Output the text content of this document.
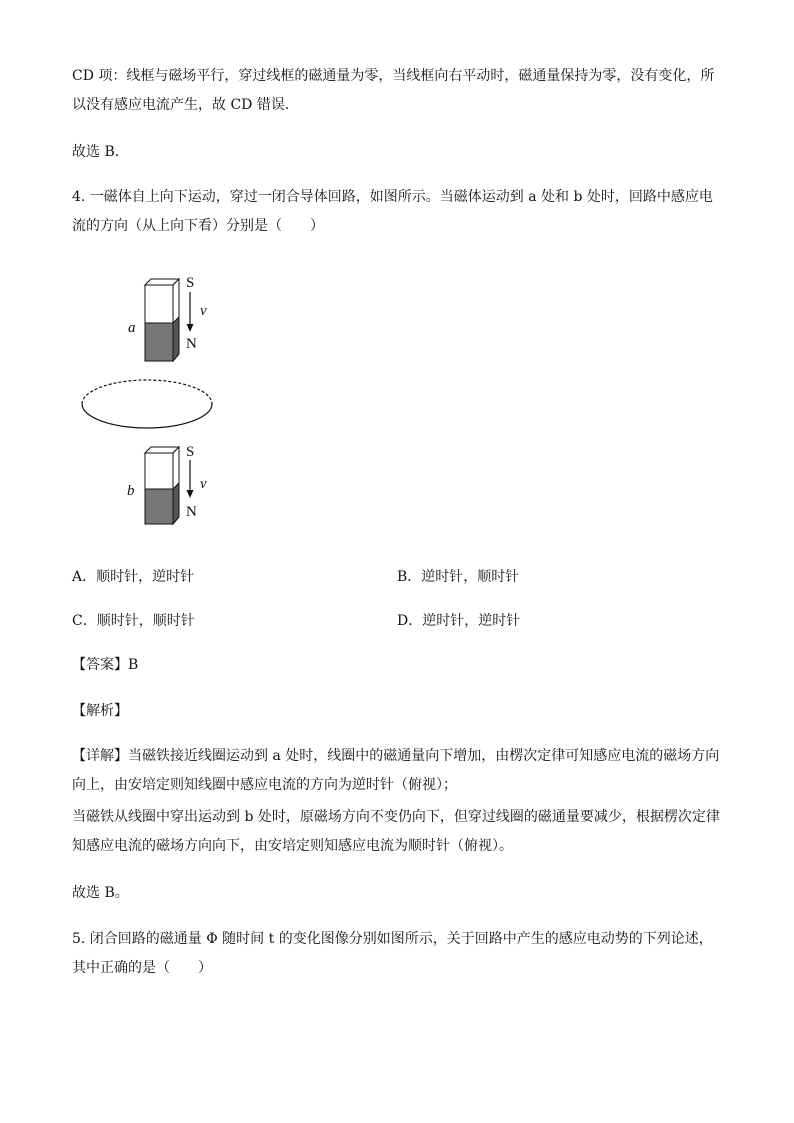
CD 项：线框与磁场平行，穿过线框的磁通量为零，当线框向右平动时，磁通量保持为零，没有变化，所以没有感应电流产生，故 CD 错误．

故选 B．

4. 一磁体自上向下运动，穿过一闭合导体回路，如图所示。当磁体运动到 a 处和 b 处时，回路中感应电流的方向（从上向下看）分别是（　　）

S
N
v
a
S
N
v
b
A．顺时针，逆时针	B．逆时针，顺时针
C．顺时针，顺时针	D．逆时针，逆时针

【答案】B

【解析】

【详解】当磁铁接近线圈运动到 a 处时，线圈中的磁通量向下增加，由楞次定律可知感应电流的磁场方向向上，由安培定则知线圈中感应电流的方向为逆时针（俯视）；

当磁铁从线圈中穿出运动到 b 处时，原磁场方向不变仍向下，但穿过线圈的磁通量要减少，根据楞次定律知感应电流的磁场方向向下，由安培定则知感应电流为顺时针（俯视）。

故选 B。

5. 闭合回路的磁通量 Φ 随时间 t 的变化图像分别如图所示，关于回路中产生的感应电动势的下列论述，其中正确的是（　　）
